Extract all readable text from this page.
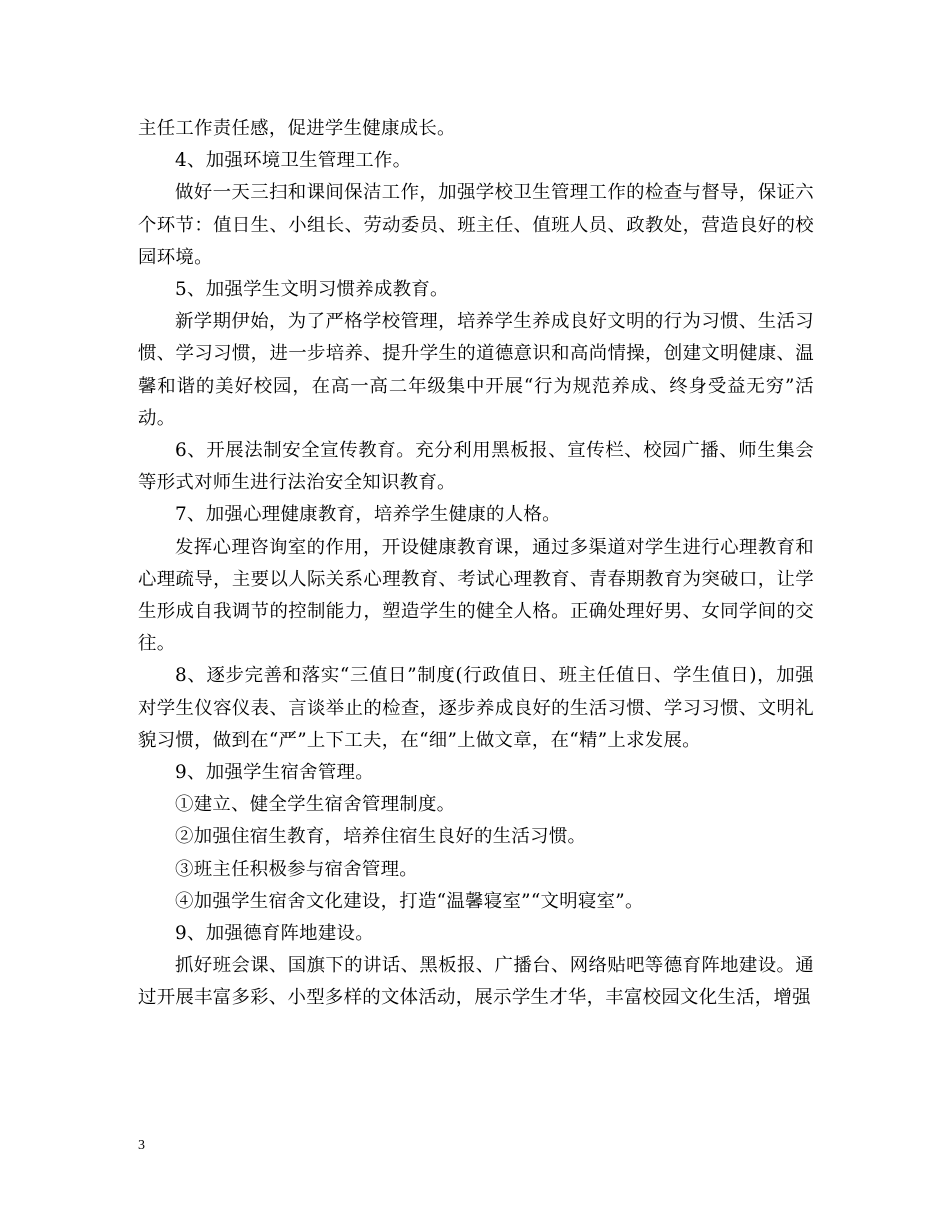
主任工作责任感，促进学生健康成长。

4、加强环境卫生管理工作。

做好一天三扫和课间保洁工作，加强学校卫生管理工作的检查与督导，保证六个环节：值日生、小组长、劳动委员、班主任、值班人员、政教处，营造良好的校园环境。

5、加强学生文明习惯养成教育。

新学期伊始，为了严格学校管理，培养学生养成良好文明的行为习惯、生活习惯、学习习惯，进一步培养、提升学生的道德意识和高尚情操，创建文明健康、温馨和谐的美好校园，在高一高二年级集中开展“行为规范养成、终身受益无穷”活动。

6、开展法制安全宣传教育。充分利用黑板报、宣传栏、校园广播、师生集会等形式对师生进行法治安全知识教育。

7、加强心理健康教育，培养学生健康的人格。

发挥心理咨询室的作用，开设健康教育课，通过多渠道对学生进行心理教育和心理疏导，主要以人际关系心理教育、考试心理教育、青春期教育为突破口，让学生形成自我调节的控制能力，塑造学生的健全人格。正确处理好男、女同学间的交往。

8、逐步完善和落实“三值日”制度(行政值日、班主任值日、学生值日)，加强对学生仪容仪表、言谈举止的检查，逐步养成良好的生活习惯、学习习惯、文明礼貌习惯，做到在“严”上下工夫，在“细”上做文章，在“精”上求发展。

9、加强学生宿舍管理。

①建立、健全学生宿舍管理制度。

②加强住宿生教育，培养住宿生良好的生活习惯。

③班主任积极参与宿舍管理。

④加强学生宿舍文化建设，打造“温馨寝室”“文明寝室”。

9、加强德育阵地建设。

抓好班会课、国旗下的讲话、黑板报、广播台、网络贴吧等德育阵地建设。通过开展丰富多彩、小型多样的文体活动，展示学生才华，丰富校园文化生活，增强

3
